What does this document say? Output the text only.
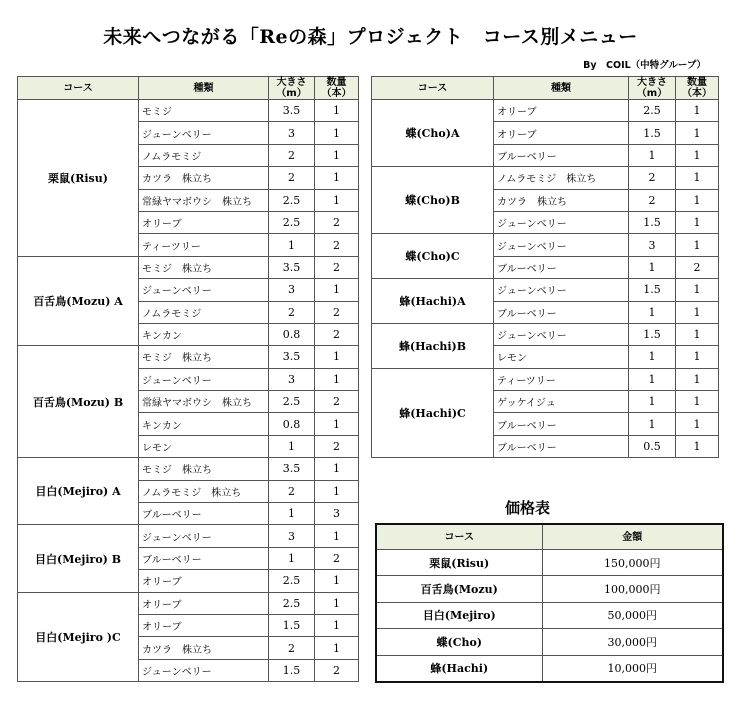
未来へつながる「Reの森」プロジェクト　コース別メニュー
By　COIL（中特グループ）
コース	種類	大きさ（m）	数量（本）
栗鼠(Risu)	モミジ	3.5	1
	ジューンベリー	3	1
	ノムラモミジ	2	1
	カツラ　株立ち	2	1
	常緑ヤマボウシ　株立ち	2.5	1
	オリーブ	2.5	2
	ティーツリー	1	2
百舌鳥(Mozu) A	モミジ　株立ち	3.5	2
	ジューンベリー	3	1
	ノムラモミジ	2	2
	キンカン	0.8	2
百舌鳥(Mozu) B	モミジ　株立ち	3.5	1
	ジューンベリー	3	1
	常緑ヤマボウシ　株立ち	2.5	2
	キンカン	0.8	1
	レモン	1	2
目白(Mejiro) A	モミジ　株立ち	3.5	1
	ノムラモミジ　株立ち	2	1
	ブルーベリー	1	3
目白(Mejiro) B	ジューンベリー	3	1
	ブルーベリー	1	2
	オリーブ	2.5	1
目白(Mejiro )C	オリーブ	2.5	1
	オリーブ	1.5	1
	カツラ　株立ち	2	1
	ジューンベリー	1.5	2
コース	種類	大きさ（m）	数量（本）
蝶(Cho)A	オリーブ	2.5	1
	オリーブ	1.5	1
	ブルーベリー	1	1
蝶(Cho)B	ノムラモミジ　株立ち	2	1
	カツラ　株立ち	2	1
	ジューンベリー	1.5	1
蝶(Cho)C	ジューンベリー	3	1
	ブルーベリー	1	2
蜂(Hachi)A	ジューンベリー	1.5	1
	ブルーベリー	1	1
蜂(Hachi)B	ジューンベリー	1.5	1
	レモン	1	1
蜂(Hachi)C	ティーツリー	1	1
	ゲッケイジュ	1	1
	ブルーベリー	1	1
	ブルーベリー	0.5	1
価格表
コース	金額
栗鼠(Risu)	150,000円
百舌鳥(Mozu)	100,000円
目白(Mejiro)	50,000円
蝶(Cho)	30,000円
蜂(Hachi)	10,000円
